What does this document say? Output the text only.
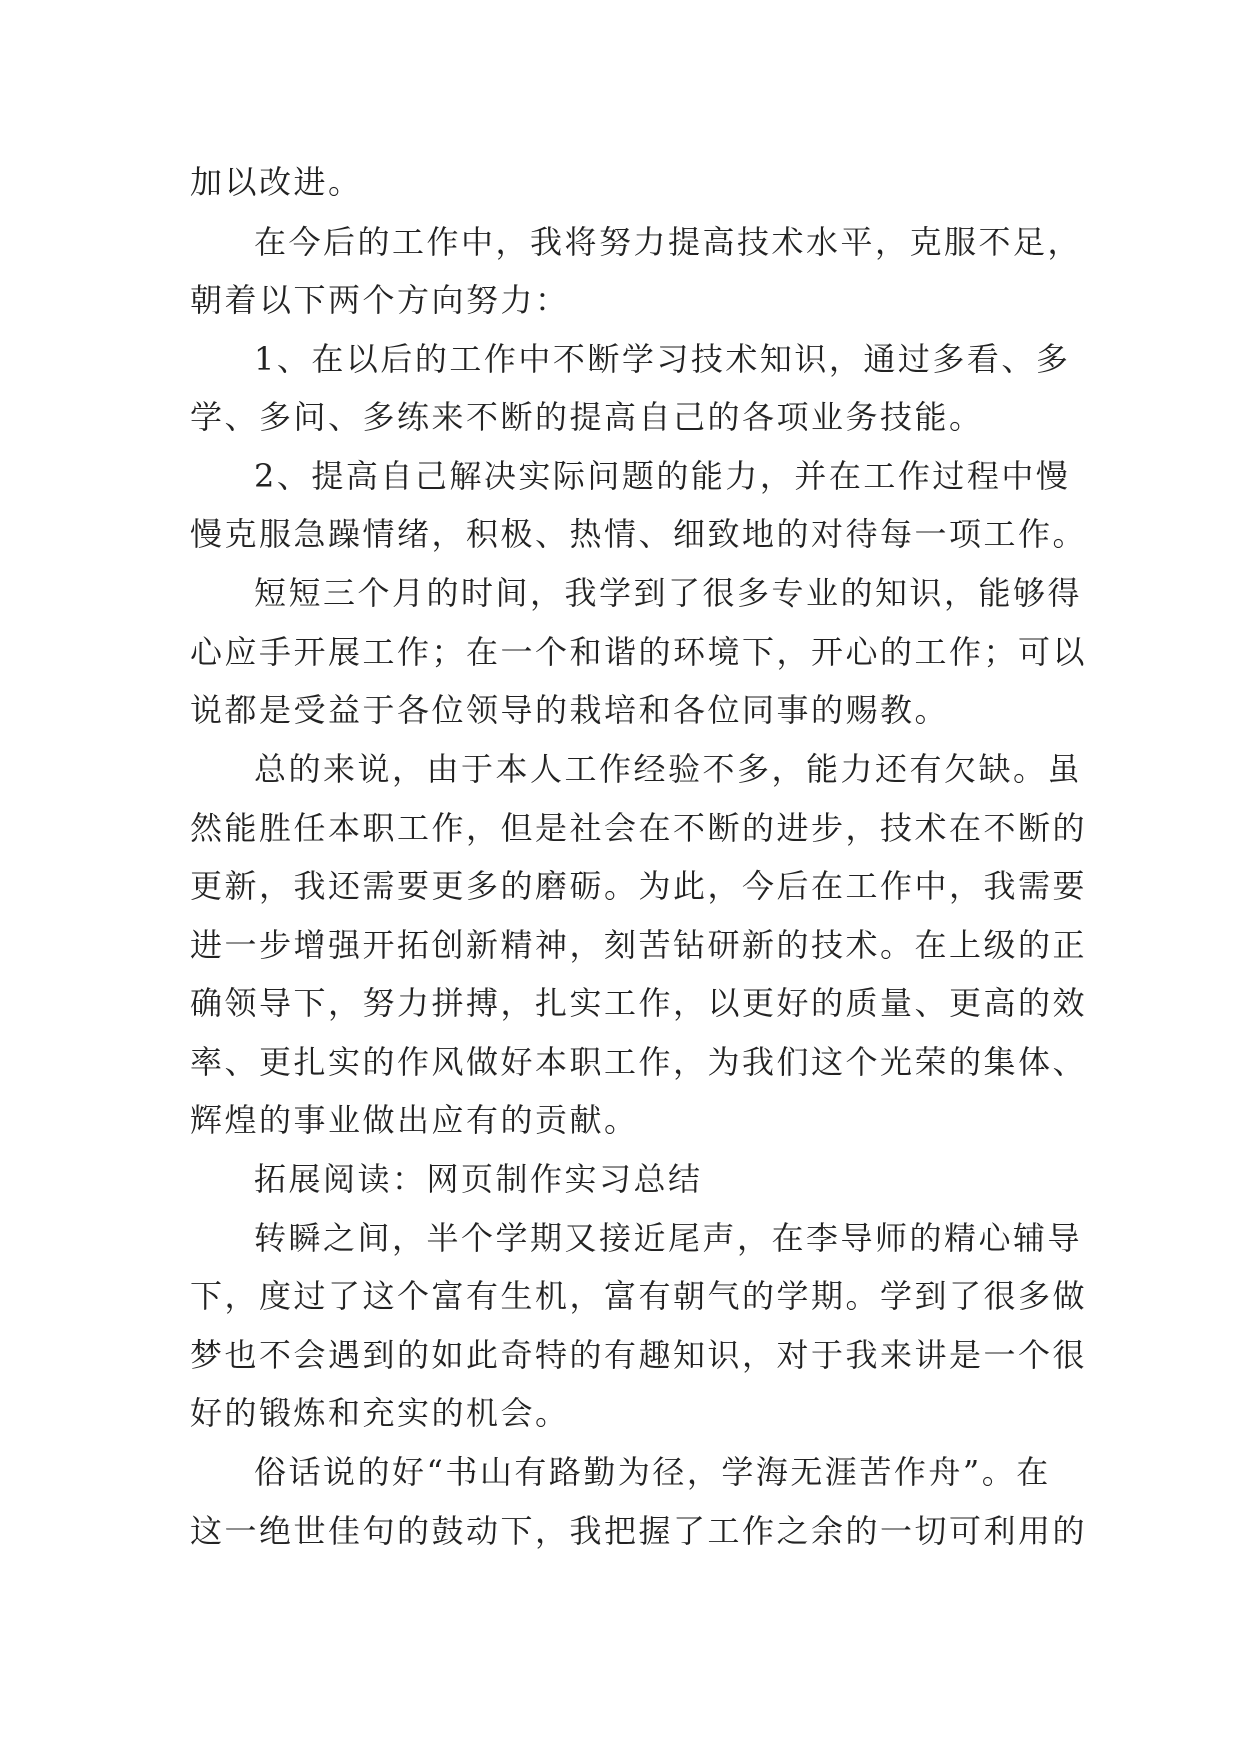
加以改进。
在今后的工作中，我将努力提高技术水平，克服不足，
朝着以下两个方向努力：
1、在以后的工作中不断学习技术知识，通过多看、多
学、多问、多练来不断的提高自己的各项业务技能。
2、提高自己解决实际问题的能力，并在工作过程中慢
慢克服急躁情绪，积极、热情、细致地的对待每一项工作。
短短三个月的时间，我学到了很多专业的知识，能够得
心应手开展工作；在一个和谐的环境下，开心的工作；可以
说都是受益于各位领导的栽培和各位同事的赐教。
总的来说，由于本人工作经验不多，能力还有欠缺。虽
然能胜任本职工作，但是社会在不断的进步，技术在不断的
更新，我还需要更多的磨砺。为此，今后在工作中，我需要
进一步增强开拓创新精神，刻苦钻研新的技术。在上级的正
确领导下，努力拼搏，扎实工作，以更好的质量、更高的效
率、更扎实的作风做好本职工作，为我们这个光荣的集体、
辉煌的事业做出应有的贡献。
拓展阅读：网页制作实习总结
转瞬之间，半个学期又接近尾声，在李导师的精心辅导
下，度过了这个富有生机，富有朝气的学期。学到了很多做
梦也不会遇到的如此奇特的有趣知识，对于我来讲是一个很
好的锻炼和充实的机会。
俗话说的好“书山有路勤为径，学海无涯苦作舟”。在
这一绝世佳句的鼓动下，我把握了工作之余的一切可利用的
